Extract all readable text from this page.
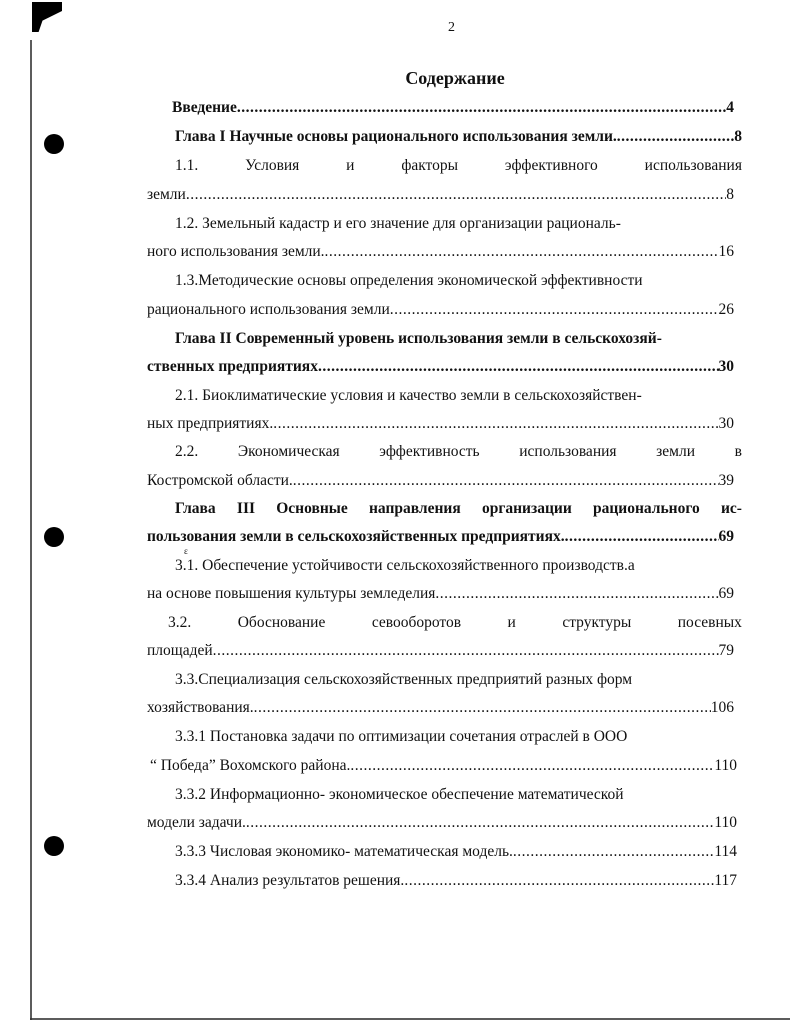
2
Содержание
Введение .....	4
Глава I Научные основы рационального использования земли. .....	8
1.1.	Условия	и	факторы	эффективного	использования
земли .....	8
1.2. Земельный кадастр и его значение для организации рациональ-
ного использования земли. .....	16
1.3.Методические основы определения экономической эффективности
рационального использования земли .....	26
Глава II Современный уровень использования земли в сельскохозяй-
ственных предприятиях .....	30
2.1. Биоклиматические условия и качество земли в сельскохозяйствен-
ных предприятиях. .....	30
2.2.	Экономическая	эффективность	использования	земли	в
Костромской области. .....	39
Глава III Основные направления организации рационального ис-
пользования земли в сельскохозяйственных предприятиях. .....	69
ε
3.1. Обеспечение устойчивости сельскохозяйственного производств.а
на основе повышения культуры земледелия .....	69
3.2.	Обоснование	севооборотов	и	структуры	посевных
площадей .....	79
3.3.Специализация сельскохозяйственных предприятий разных форм
хозяйствования. .....	106
3.3.1 Постановка задачи по оптимизации сочетания отраслей в ООО
“ Победа” Вохомского района. .....	110
3.3.2 Информационно- экономическое обеспечение математической
модели задачи. .....	110
3.3.3 Числовая экономико- математическая модель. .....	114
3.3.4 Анализ результатов решения. .....	117
